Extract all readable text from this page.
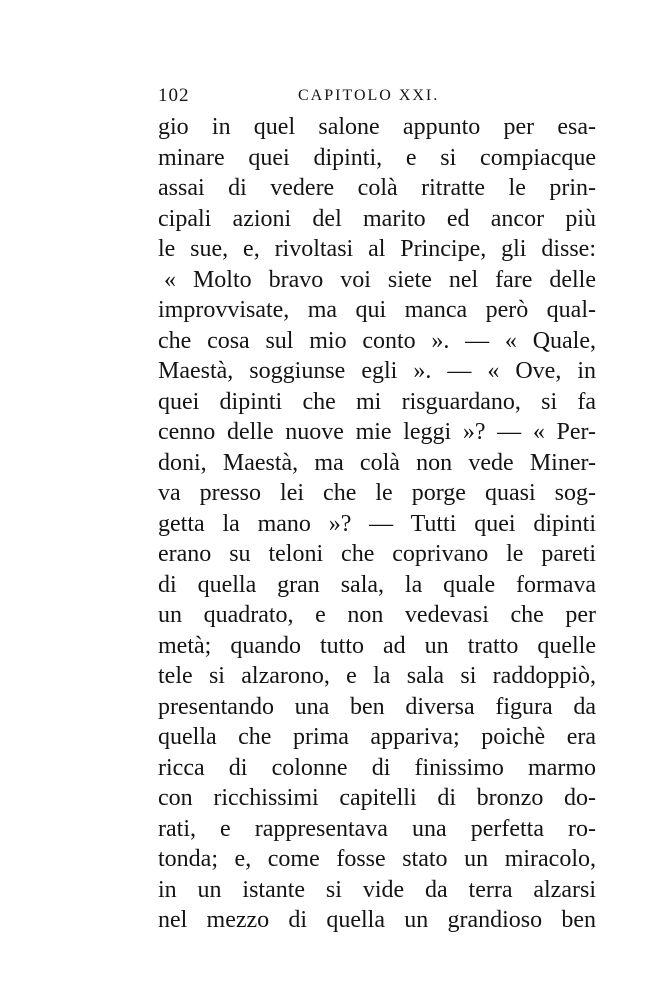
102	CAPITOLO XXI.
gio in quel salone appunto per esa-
minare quei dipinti, e si compiacque
assai di vedere colà ritratte le prin-
cipali azioni del marito ed ancor più
le sue, e, rivoltasi al Principe, gli disse:
« Molto bravo voi siete nel fare delle
improvvisate, ma qui manca però qual-
che cosa sul mio conto ». — « Quale,
Maestà, soggiunse egli ». — « Ove, in
quei dipinti che mi risguardano, si fa
cenno delle nuove mie leggi »? — « Per-
doni, Maestà, ma colà non vede Miner-
va presso lei che le porge quasi sog-
getta la mano »? — Tutti quei dipinti
erano su teloni che coprivano le pareti
di quella gran sala, la quale formava
un quadrato, e non vedevasi che per
metà; quando tutto ad un tratto quelle
tele si alzarono, e la sala si raddoppiò,
presentando una ben diversa figura da
quella che prima appariva; poichè era
ricca di colonne di finissimo marmo
con ricchissimi capitelli di bronzo do-
rati, e rappresentava una perfetta ro-
tonda; e, come fosse stato un miracolo,
in un istante si vide da terra alzarsi
nel mezzo di quella un grandioso ben
